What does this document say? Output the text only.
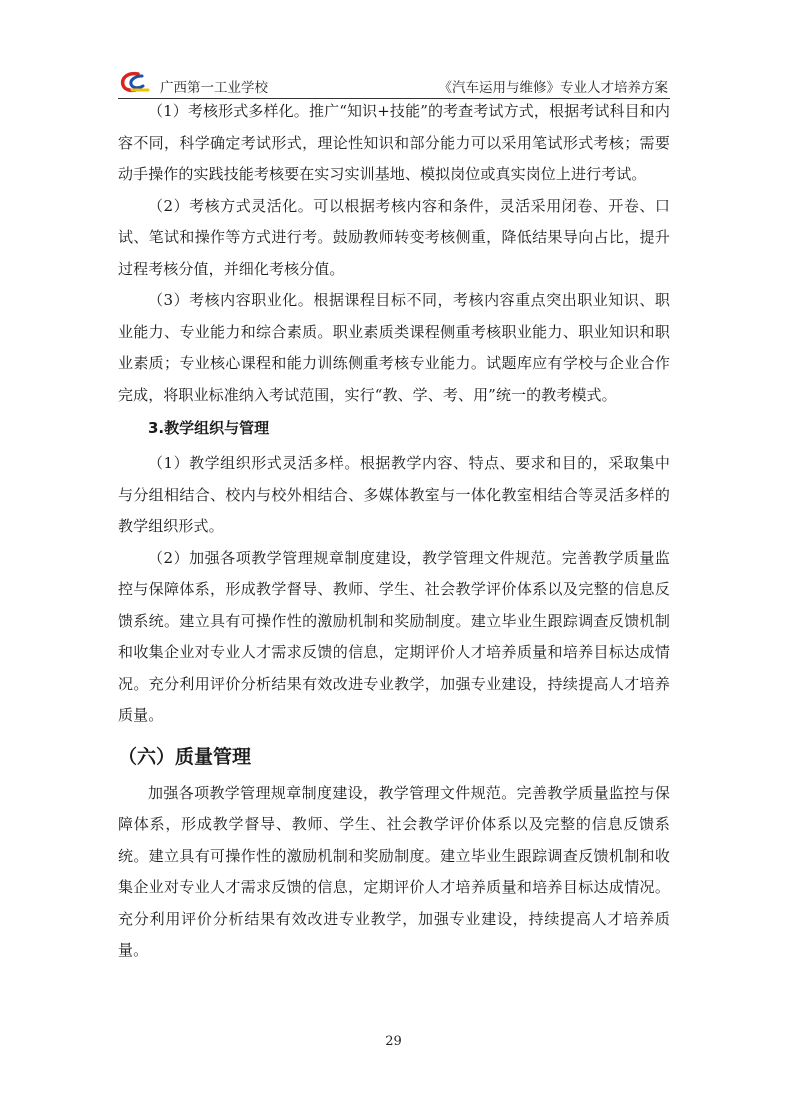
广西第一工业学校	《汽车运用与维修》专业人才培养方案

（1）考核形式多样化。推广“知识+技能”的考查考试方式，根据考试科目和内容不同，科学确定考试形式，理论性知识和部分能力可以采用笔试形式考核；需要动手操作的实践技能考核要在实习实训基地、模拟岗位或真实岗位上进行考试。

（2）考核方式灵活化。可以根据考核内容和条件，灵活采用闭卷、开卷、口试、笔试和操作等方式进行考。鼓励教师转变考核侧重，降低结果导向占比，提升过程考核分值，并细化考核分值。

（3）考核内容职业化。根据课程目标不同，考核内容重点突出职业知识、职业能力、专业能力和综合素质。职业素质类课程侧重考核职业能力、职业知识和职业素质；专业核心课程和能力训练侧重考核专业能力。试题库应有学校与企业合作完成，将职业标准纳入考试范围，实行“教、学、考、用”统一的教考模式。

3.教学组织与管理

（1）教学组织形式灵活多样。根据教学内容、特点、要求和目的，采取集中与分组相结合、校内与校外相结合、多媒体教室与一体化教室相结合等灵活多样的教学组织形式。

（2）加强各项教学管理规章制度建设，教学管理文件规范。完善教学质量监控与保障体系，形成教学督导、教师、学生、社会教学评价体系以及完整的信息反馈系统。建立具有可操作性的激励机制和奖励制度。建立毕业生跟踪调查反馈机制和收集企业对专业人才需求反馈的信息，定期评价人才培养质量和培养目标达成情况。充分利用评价分析结果有效改进专业教学，加强专业建设，持续提高人才培养质量。

（六）质量管理

加强各项教学管理规章制度建设，教学管理文件规范。完善教学质量监控与保障体系，形成教学督导、教师、学生、社会教学评价体系以及完整的信息反馈系统。建立具有可操作性的激励机制和奖励制度。建立毕业生跟踪调查反馈机制和收集企业对专业人才需求反馈的信息，定期评价人才培养质量和培养目标达成情况。充分利用评价分析结果有效改进专业教学，加强专业建设，持续提高人才培养质量。

29
